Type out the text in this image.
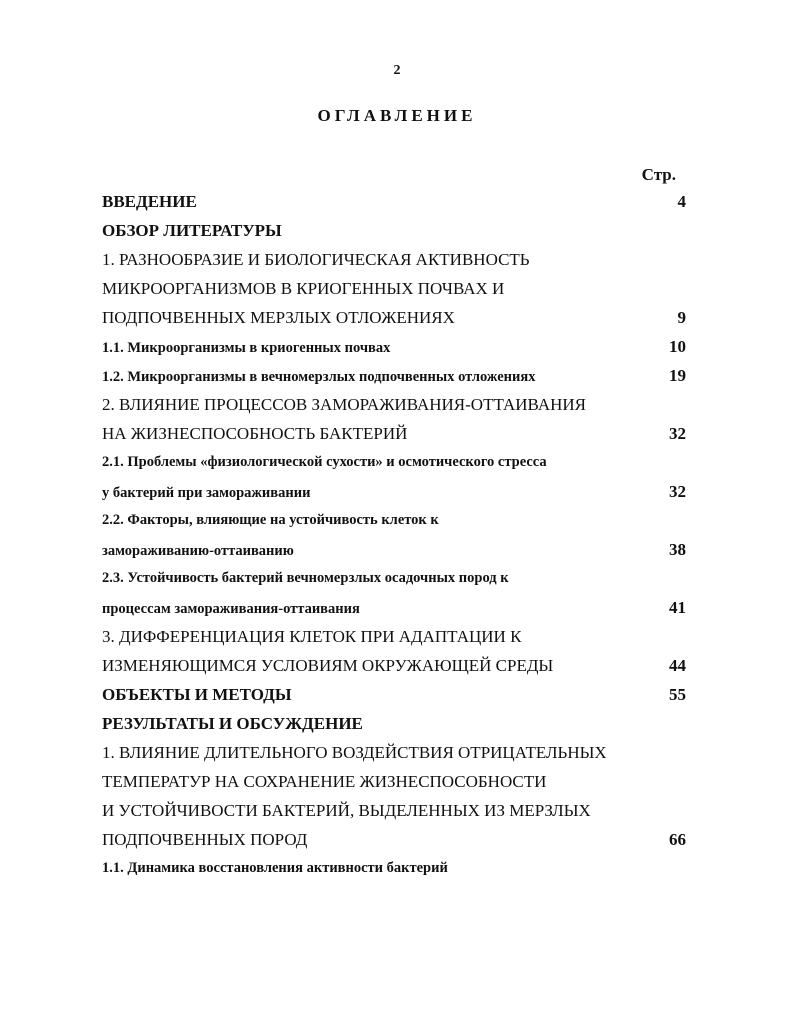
2
ОГЛАВЛЕНИЕ
Стр.
ВВЕДЕНИЕ	4
ОБЗОР ЛИТЕРАТУРЫ
1. РАЗНООБРАЗИЕ И БИОЛОГИЧЕСКАЯ АКТИВНОСТЬ
МИКРООРГАНИЗМОВ В КРИОГЕННЫХ ПОЧВАХ И
ПОДПОЧВЕННЫХ МЕРЗЛЫХ ОТЛОЖЕНИЯХ	9
1.1. Микроорганизмы в криогенных почвах	10
1.2. Микроорганизмы в вечномерзлых подпочвенных отложениях	19
2. ВЛИЯНИЕ ПРОЦЕССОВ ЗАМОРАЖИВАНИЯ-ОТТАИВАНИЯ
НА ЖИЗНЕСПОСОБНОСТЬ БАКТЕРИЙ	32
2.1. Проблемы «физиологической сухости» и осмотического стресса
у бактерий при замораживании	32
2.2. Факторы, влияющие на устойчивость клеток к
замораживанию-оттаиванию	38
2.3. Устойчивость бактерий вечномерзлых осадочных пород к
процессам замораживания-оттаивания	41
3. ДИФФЕРЕНЦИАЦИЯ КЛЕТОК ПРИ АДАПТАЦИИ К
ИЗМЕНЯЮЩИМСЯ УСЛОВИЯМ ОКРУЖАЮЩЕЙ СРЕДЫ	44
ОБЪЕКТЫ И МЕТОДЫ	55
РЕЗУЛЬТАТЫ И ОБСУЖДЕНИЕ
1. ВЛИЯНИЕ ДЛИТЕЛЬНОГО ВОЗДЕЙСТВИЯ ОТРИЦАТЕЛЬНЫХ
ТЕМПЕРАТУР НА СОХРАНЕНИЕ ЖИЗНЕСПОСОБНОСТИ
И УСТОЙЧИВОСТИ БАКТЕРИЙ, ВЫДЕЛЕННЫХ ИЗ МЕРЗЛЫХ
ПОДПОЧВЕННЫХ ПОРОД	66
1.1. Динамика восстановления активности бактерий
